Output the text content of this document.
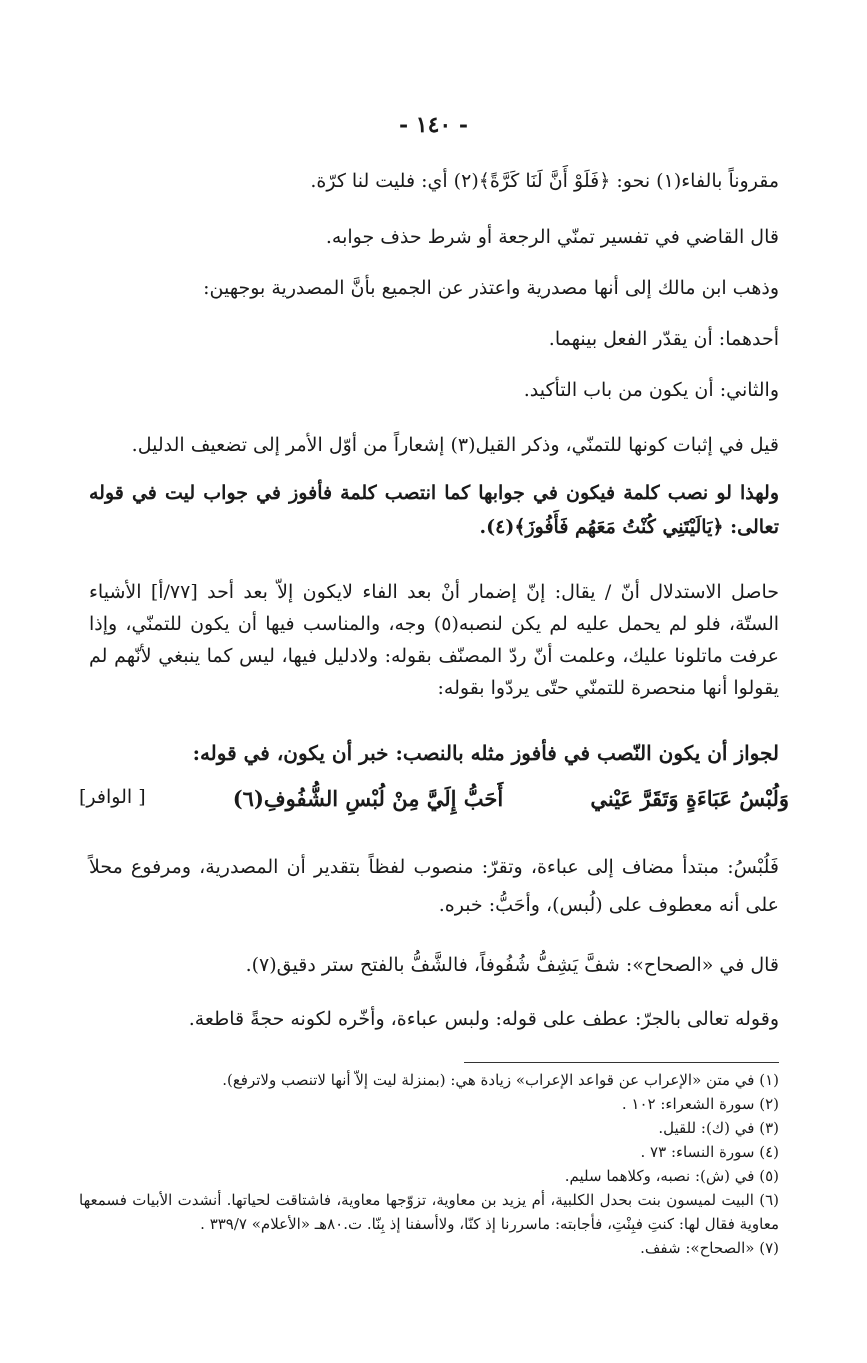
- ١٤٠ -
مقروناً بالفاء(١) نحو: ﴿فَلَوْ أَنَّ لَنَا كَرَّةً﴾(٢) أي: فليت لنا كرّة.
قال القاضي في تفسير تمنّي الرجعة أو شرط حذف جوابه.
وذهب ابن مالك إلى أنها مصدرية واعتذر عن الجميع بأنَّ المصدرية بوجهين:
أحدهما: أن يقدّر الفعل بينهما.
والثاني: أن يكون من باب التأكيد.
قيل في إثبات كونها للتمنّي، وذكر القيل(٣) إشعاراً من أوّل الأمر إلى تضعيف الدليل.
ولهذا لو نصب كلمة فيكون في جوابها كما انتصب كلمة فأفوز في جواب ليت في قوله تعالى: ﴿يَالَيْتَنِي كُنْتُ مَعَهُم فَأَفُوزَ﴾(٤).
حاصل الاستدلال أنّ / يقال: إنّ إضمار أنْ بعد الفاء لايكون إلاّ بعد أحد [٧٧/أ] الأشياء الستّة، فلو لم يحمل عليه لم يكن لنصبه(٥) وجه، والمناسب فيها أن يكون للتمنّي، وإذا عرفت ماتلونا عليك، وعلمت أنّ ردّ المصنّف بقوله: ولادليل فيها، ليس كما ينبغي لأنّهم لم يقولوا أنها منحصرة للتمنّي حتّى يردّوا بقوله:
لجواز أن يكون النّصب في فأفوز مثله بالنصب: خبر أن يكون، في قوله:
وَلُبْسُ عَبَاءَةٍ وَتَقَرَّ عَيْني
أَحَبُّ إِلَيَّ مِنْ لُبْسِ الشُّفُوفِ(٦)
[ الوافر]
فَلُبْسُ: مبتدأ مضاف إلى عباءة، وتقرّ: منصوب لفظاً بتقدير أن المصدرية، ومرفوع محلاً على أنه معطوف على (لُبس)، وأحَبُّ: خبره.
قال في «الصحاح»: شفَّ يَشِفُّ شُفُوفاً، فالشَّفُّ بالفتح ستر دقيق(٧).
وقوله تعالى بالجرّ: عطف على قوله: ولبس عباءة، وأخّره لكونه حجةً قاطعة.
(١) في متن «الإعراب عن قواعد الإعراب» زيادة هي: (بمنزلة ليت إلاّ أنها لاتنصب ولاترفع).
(٢) سورة الشعراء: ١٠٢ .
(٣) في (ك): للقيل.
(٤) سورة النساء: ٧٣ .
(٥) في (ش): نصبه، وكلاهما سليم.
(٦) البيت لميسون بنت بحدل الكلبية، أم يزيد بن معاوية، تزوّجها معاوية، فاشتاقت لحياتها. أنشدت الأبيات فسمعها معاوية فقال لها: كنتِ فبِنْتِ، فأجابته: ماسررنا إذ كنّا، ولاأسفنا إذ بِنّا. ت.٨٠هـ «الأعلام» ٣٣٩/٧ .
(٧) «الصحاح»: شفف.
